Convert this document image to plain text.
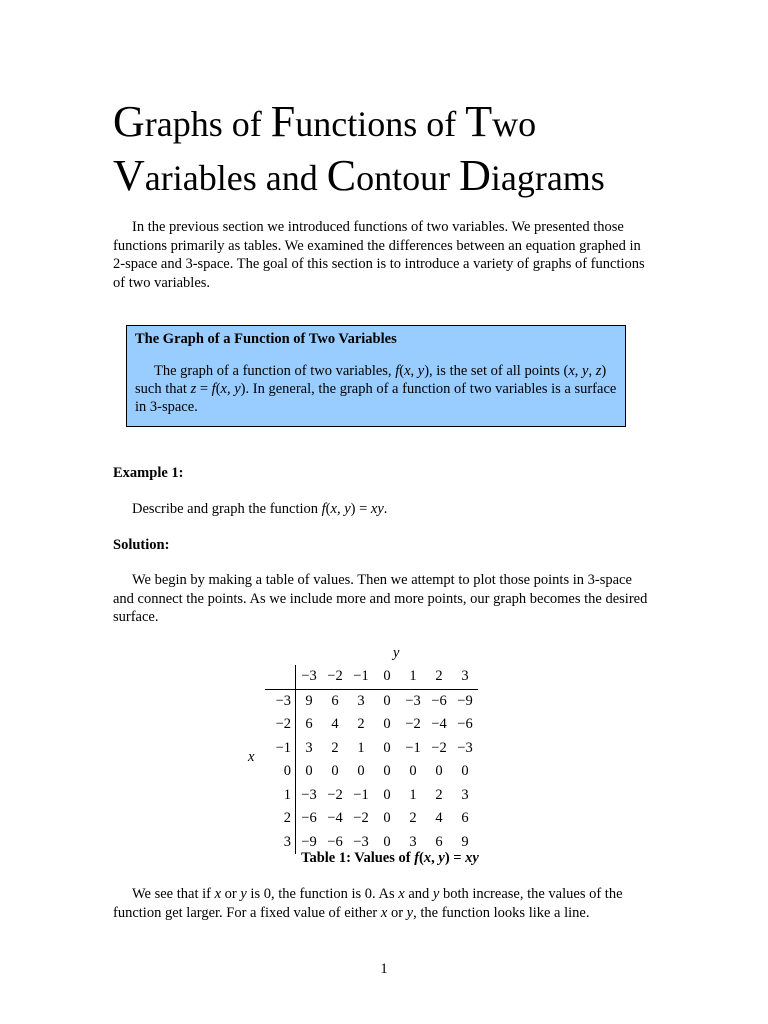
Graphs of Functions of Two
Variables and Contour Diagrams

In the previous section we introduced functions of two variables. We presented those functions primarily as tables. We examined the differences between an equation graphed in 2-space and 3-space. The goal of this section is to introduce a variety of graphs of functions of two variables.

The Graph of a Function of Two Variables

The graph of a function of two variables, f(x, y), is the set of all points (x, y, z) such that z = f(x, y). In general, the graph of a function of two variables is a surface in 3-space.

Example 1:

Describe and graph the function f(x, y) = xy.

Solution:

We begin by making a table of values. Then we attempt to plot those points in 3-space and connect the points. As we include more and more points, our graph becomes the desired surface.

y
x
	−3	−2	−1	0	1	2	3
−3	9	6	3	0	−3	−6	−9
−2	6	4	2	0	−2	−4	−6
−1	3	2	1	0	−1	−2	−3
0	0	0	0	0	0	0	0
1	−3	−2	−1	0	1	2	3
2	−6	−4	−2	0	2	4	6
3	−9	−6	−3	0	3	6	9
Table 1: Values of f(x, y) = xy

We see that if x or y is 0, the function is 0. As x and y both increase, the values of the function get larger. For a fixed value of either x or y, the function looks like a line.

1
